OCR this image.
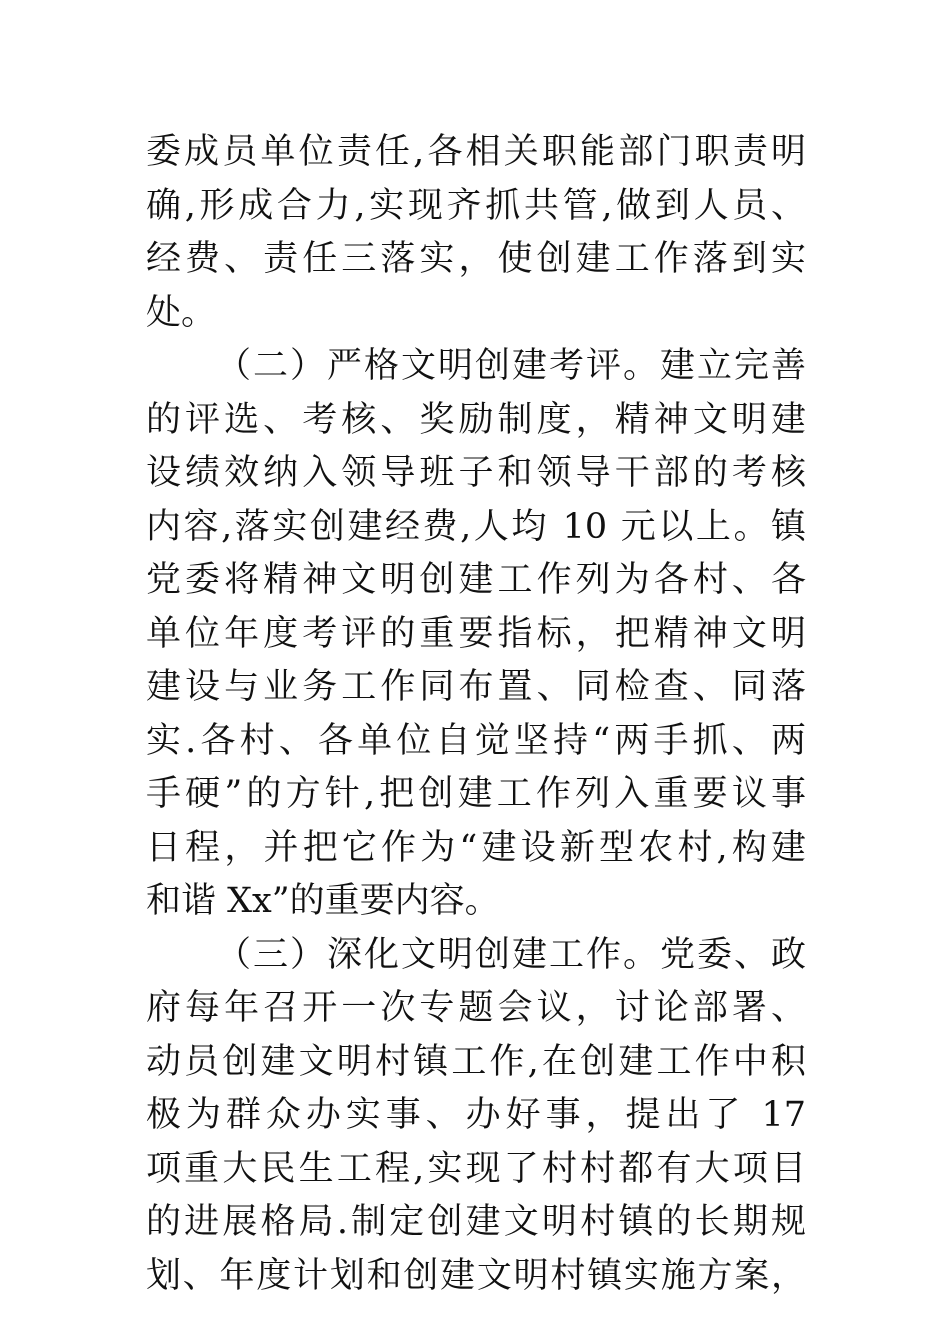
委成员单位责任,各相关职能部门职责明
确,形成合力,实现齐抓共管,做到人员、
经费、责任三落实，使创建工作落到实
处。
（二）严格文明创建考评。建立完善
的评选、考核、奖励制度，精神文明建
设绩效纳入领导班子和领导干部的考核
内容,落实创建经费,人均 10 元以上。镇
党委将精神文明创建工作列为各村、各
单位年度考评的重要指标，把精神文明
建设与业务工作同布置、同检查、同落
实.各村、各单位自觉坚持“两手抓、两
手硬”的方针,把创建工作列入重要议事
日程，并把它作为“建设新型农村,构建
和谐 Xx”的重要内容。
（三）深化文明创建工作。党委、政
府每年召开一次专题会议，讨论部署、
动员创建文明村镇工作,在创建工作中积
极为群众办实事、办好事，提出了 17
项重大民生工程,实现了村村都有大项目
的进展格局.制定创建文明村镇的长期规
划、年度计划和创建文明村镇实施方案，
